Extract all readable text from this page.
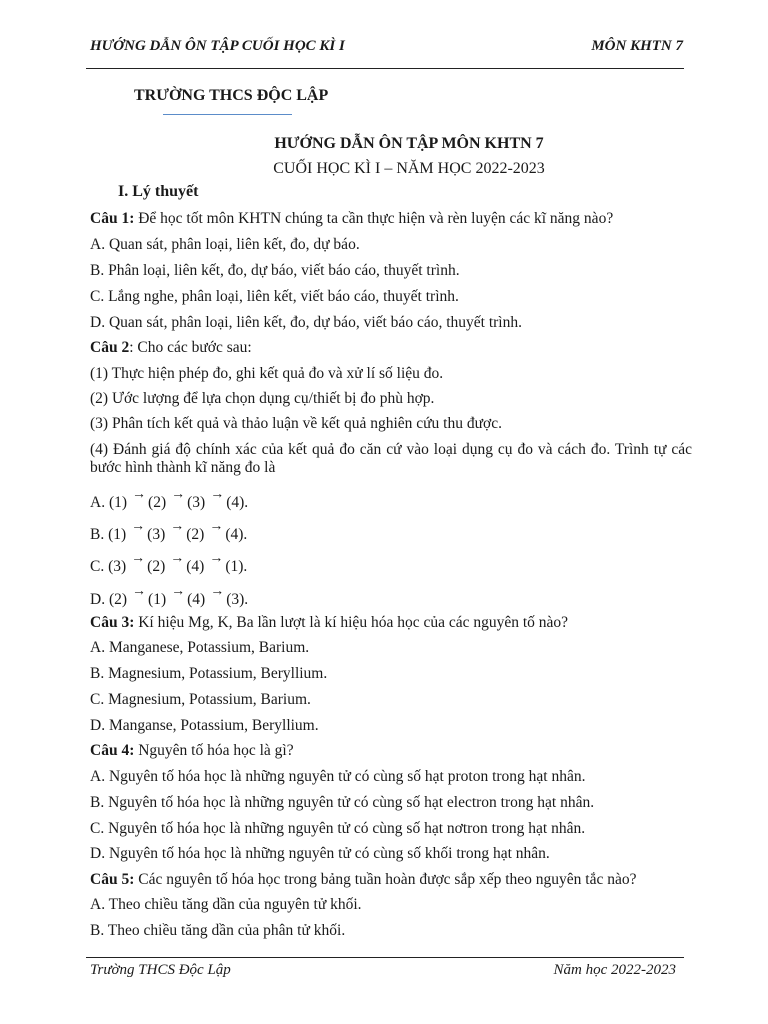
HƯỚNG DẪN ÔN TẬP CUỐI HỌC KÌ I	MÔN KHTN 7
TRƯỜNG THCS ĐỘC LẬP
HƯỚNG DẪN ÔN TẬP MÔN KHTN 7
CUỐI HỌC KÌ I – NĂM HỌC 2022-2023
I. Lý thuyết
Câu 1: Để học tốt môn KHTN chúng ta cần thực hiện và rèn luyện các kĩ năng nào?
A. Quan sát, phân loại, liên kết, đo, dự báo.
B. Phân loại, liên kết, đo, dự báo, viết báo cáo, thuyết trình.
C. Lắng nghe, phân loại, liên kết, viết báo cáo, thuyết trình.
D. Quan sát, phân loại, liên kết, đo, dự báo, viết báo cáo, thuyết trình.
Câu 2: Cho các bước sau:
(1) Thực hiện phép đo, ghi kết quả đo và xử lí số liệu đo.
(2) Ước lượng để lựa chọn dụng cụ/thiết bị đo phù hợp.
(3) Phân tích kết quả và thảo luận về kết quả nghiên cứu thu được.
(4) Đánh giá độ chính xác của kết quả đo căn cứ vào loại dụng cụ đo và cách đo. Trình tự các bước hình thành kĩ năng đo là
A. (1) → (2) → (3) → (4).
B. (1) → (3) → (2) → (4).
C. (3) → (2) → (4) → (1).
D. (2) → (1) → (4) → (3).
Câu 3: Kí hiệu Mg, K, Ba lần lượt là kí hiệu hóa học của các nguyên tố nào?
A. Manganese, Potassium, Barium.
B. Magnesium, Potassium, Beryllium.
C. Magnesium, Potassium, Barium.
D. Manganse, Potassium, Beryllium.
Câu 4: Nguyên tố hóa học là gì?
A. Nguyên tố hóa học là những nguyên tử có cùng số hạt proton trong hạt nhân.
B. Nguyên tố hóa học là những nguyên tử có cùng số hạt electron trong hạt nhân.
C. Nguyên tố hóa học là những nguyên tử có cùng số hạt nơtron trong hạt nhân.
D. Nguyên tố hóa học là những nguyên tử có cùng số khối trong hạt nhân.
Câu 5: Các nguyên tố hóa học trong bảng tuần hoàn được sắp xếp theo nguyên tắc nào?
A. Theo chiều tăng dần của nguyên tử khối.
B. Theo chiều tăng dần của phân tử khối.
Trường THCS Độc Lập	Năm học 2022-2023
